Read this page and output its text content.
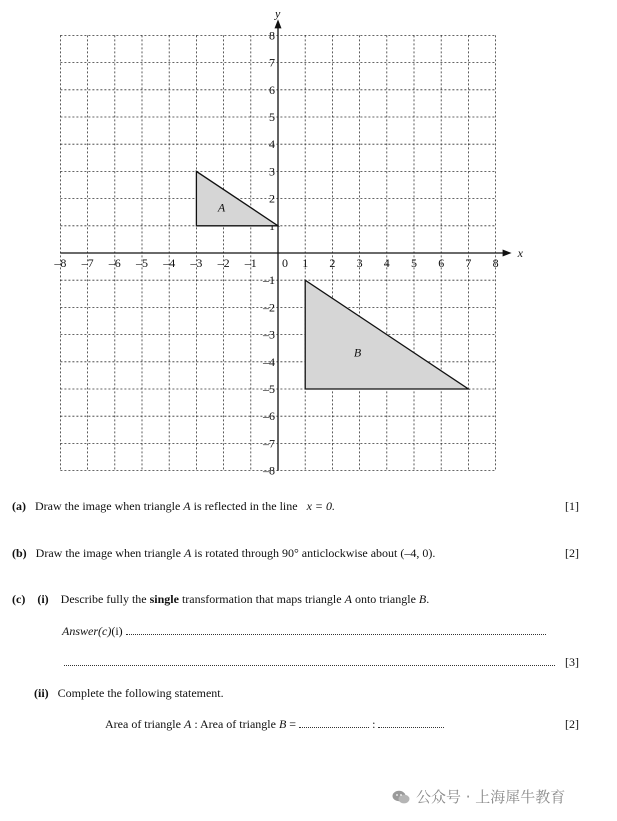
x
y
–8 –7 –6 –5 –4 –3 –2 –1	1 2 3 4 5 6 7 8
8
7
6
5
4
3
2
–1
–2
–3
–4
–5
–6
–7
–8
0
A
B
(a) Draw the image when triangle A is reflected in the line   x = 0.	[1]
(b) Draw the image when triangle A is rotated through 90° anticlockwise about (–4, 0).	[2]
(c) (i) Describe fully the single transformation that maps triangle A onto triangle B.
Answer(c)(i)
[3]
(ii) Complete the following statement.
Area of triangle A : Area of triangle B =	:	[2]
公众号 · 上海犀牛教育
